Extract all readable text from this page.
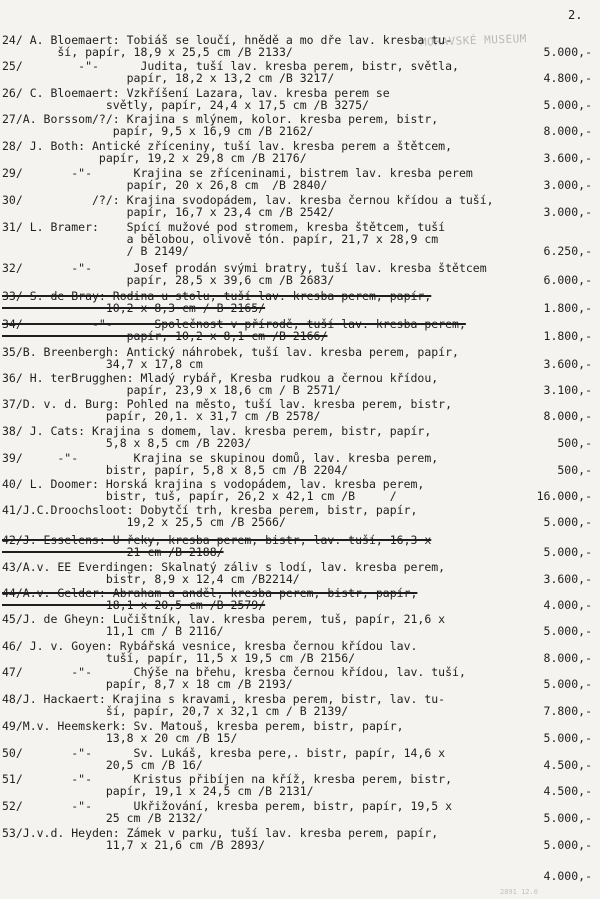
2.
MORAVSKÉ MUSEUM
2891 12.0
24/ A. Bloemaert: Tobiáš se loučí, hnědě a mo dře lav. kresba tu-
ší, papír, 18,9 x 25,5 cm /B 2133/	5.000,-
25/        -"-      Judita, tuší lav. kresba perem, bistr, světla,
papír, 18,2 x 13,2 cm /B 3217/	4.800,-
26/ C. Bloemaert: Vzkříšení Lazara, lav. kresba perem se
světly, papír, 24,4 x 17,5 cm /B 3275/	5.000,-
27/A. Borssom/?/: Krajina s mlýnem, kolor. kresba perem, bistr,
papír, 9,5 x 16,9 cm /B 2162/	8.000,-
28/ J. Both: Antické zříceniny, tuší lav. kresba perem a štětcem,
papír, 19,2 x 29,8 cm /B 2176/	3.600,-
29/       -"-      Krajina se zříceninami, bistrem lav. kresba perem
papír, 20 x 26,8 cm  /B 2840/	3.000,-
30/          /?/: Krajina svodopádem, lav. kresba černou křídou a tuší,
papír, 16,7 x 23,4 cm /B 2542/	3.000,-
31/ L. Bramer:    Spící mužové pod stromem, kresba štětcem, tuší
a bělobou, olivově tón. papír, 21,7 x 28,9 cm
/ B 2149/	6.250,-
32/       -"-      Josef prodán svými bratry, tuší lav. kresba štětcem
papír, 28,5 x 39,6 cm /B 2683/	6.000,-
33/ S. de Bray: Rodina u stolu, tuší lav. kresba perem, papír,
10,2 x 8,3 cm / B 2165/	1.800,-
34/          -"-      Společnost v přírodě, tuší lav. kresba perem,
papír, 10,2 x 8,1 cm /B 2166/	1.800,-
35/B. Breenbergh: Antický náhrobek, tuší lav. kresba perem, papír,
34,7 x 17,8 cm	3.600,-
36/ H. terBrugghen: Mladý rybář, Kresba rudkou a černou křídou,
papír, 23,9 x 18,6 cm / B 2571/	3.100,-
37/D. v. d. Burg: Pohled na město, tuší lav. kresba perem, bistr,
papír, 20,1. x 31,7 cm /B 2578/	8.000,-
38/ J. Cats: Krajina s domem, lav. kresba perem, bistr, papír,
5,8 x 8,5 cm /B 2203/	500,-
39/     -"-        Krajina se skupinou domů, lav. kresba perem,
bistr, papír, 5,8 x 8,5 cm /B 2204/	500,-
40/ L. Doomer: Horská krajina s vodopádem, lav. kresba perem,
bistr, tuš, papír, 26,2 x 42,1 cm /B     /	16.000,-
41/J.C.Droochsloot: Dobytčí trh, kresba perem, bistr, papír,
19,2 x 25,5 cm /B 2566/	5.000,-
42/J. Esselens: U řeky, kresba perem, bistr, lav. tuší, 16,3 x
21 cm /B 2188/	5.000,-
43/A.v. EE Everdingen: Skalnatý záliv s lodí, lav. kresba perem,
bistr, 8,9 x 12,4 cm /B2214/	3.600,-
44/A.v. Gelder: Abraham a anděl, kresba perem, bistr, papír,
18,1 x 20,5 cm /B 2579/	4.000,-
45/J. de Gheyn: Lučištník, lav. kresba perem, tuš, papír, 21,6 x
11,1 cm / B 2116/	5.000,-
46/ J. v. Goyen: Rybářská vesnice, kresba černou křídou lav.
tuší, papír, 11,5 x 19,5 cm /B 2156/	8.000,-
47/       -"-      Chýše na břehu, kresba černou křídou, lav. tuší,
papír, 8,7 x 18 cm /B 2193/	5.000,-
48/J. Hackaert: Krajina s kravami, kresba perem, bistr, lav. tu-
ší, papír, 20,7 x 32,1 cm / B 2139/	7.800,-
49/M.v. Heemskerk: Sv. Matouš, kresba perem, bistr, papír,
13,8 x 20 cm /B 15/	5.000,-
50/       -"-      Sv. Lukáš, kresba pere,. bistr, papír, 14,6 x
20,5 cm /B 16/	4.500,-
51/       -"-      Kristus přibíjen na kříž, kresba perem, bistr,
papír, 19,1 x 24,5 cm /B 2131/	4.500,-
52/       -"-      Ukřižování, kresba perem, bistr, papír, 19,5 x
25 cm /B 2132/	5.000,-
53/J.v.d. Heyden: Zámek v parku, tuší lav. kresba perem, papír,
11,7 x 21,6 cm /B 2893/	5.000,-
4.000,-
